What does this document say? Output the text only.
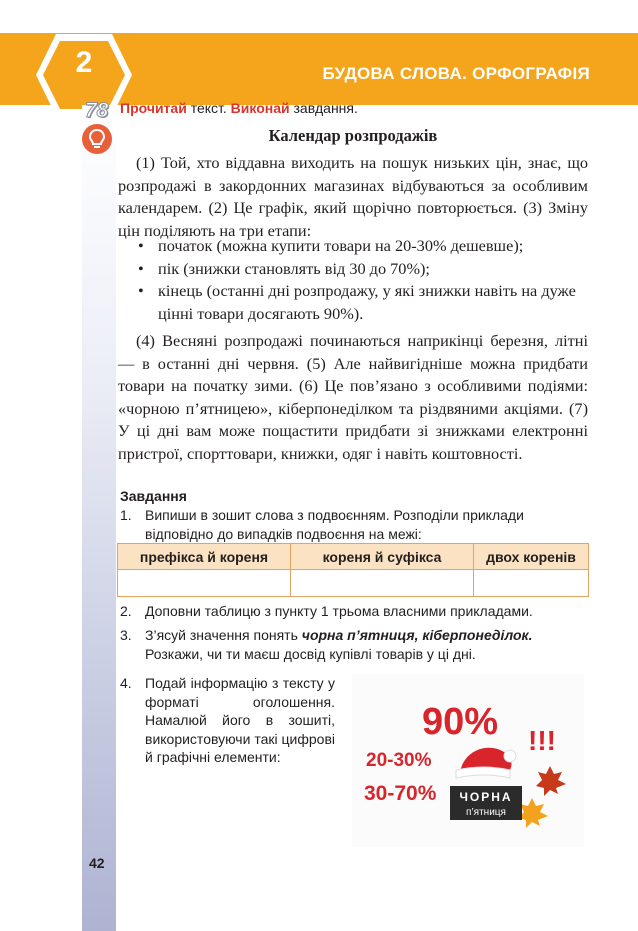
2	БУДОВА СЛОВА. ОРФОГРАФІЯ
78 Прочитай текст. Виконай завдання.
Календар розпродажів

(1) Той, хто віддавна виходить на пошук низьких цін, знає, що розпродажі в закордонних магазинах відбуваються за особливим календарем. (2) Це графік, який щорічно повторюється. (3) Зміну цін поділяють на три етапи:

• початок (можна купити товари на 20-30% дешевше);
• пік (знижки становлять від 30 до 70%);
• кінець (останні дні розпродажу, у які знижки навіть на дуже цінні товари досягають 90%).

(4) Весняні розпродажі починаються наприкінці березня, літні — в останні дні червня. (5) Але найвигідніше можна придбати товари на початку зими. (6) Це пов’язано з особливими подіями: «чорною п’ятницею», кіберпонеділком та різдвяними акціями. (7) У ці дні вам може пощастити придбати зі знижками електронні пристрої, спорттовари, книжки, одяг і навіть коштовності.

Завдання
1. Випиши в зошит слова з подвоєнням. Розподіли приклади відповідно до випадків подвоєння на межі:
префікса й кореня	кореня й суфікса	двох коренів

2. Доповни таблицю з пункту 1 трьома власними прикладами.
3. З’ясуй значення понять чорна п’ятниця, кіберпонеділок.
Розкажи, чи ти маєш досвід купівлі товарів у ці дні.
4. Подай інформацію з тексту у форматі оголошення. Намалюй його в зошиті, використовуючи такі цифрові й графічні елементи:
90% !!!
20-30%
30-70% ЧОРНА
п’ятниця
42
